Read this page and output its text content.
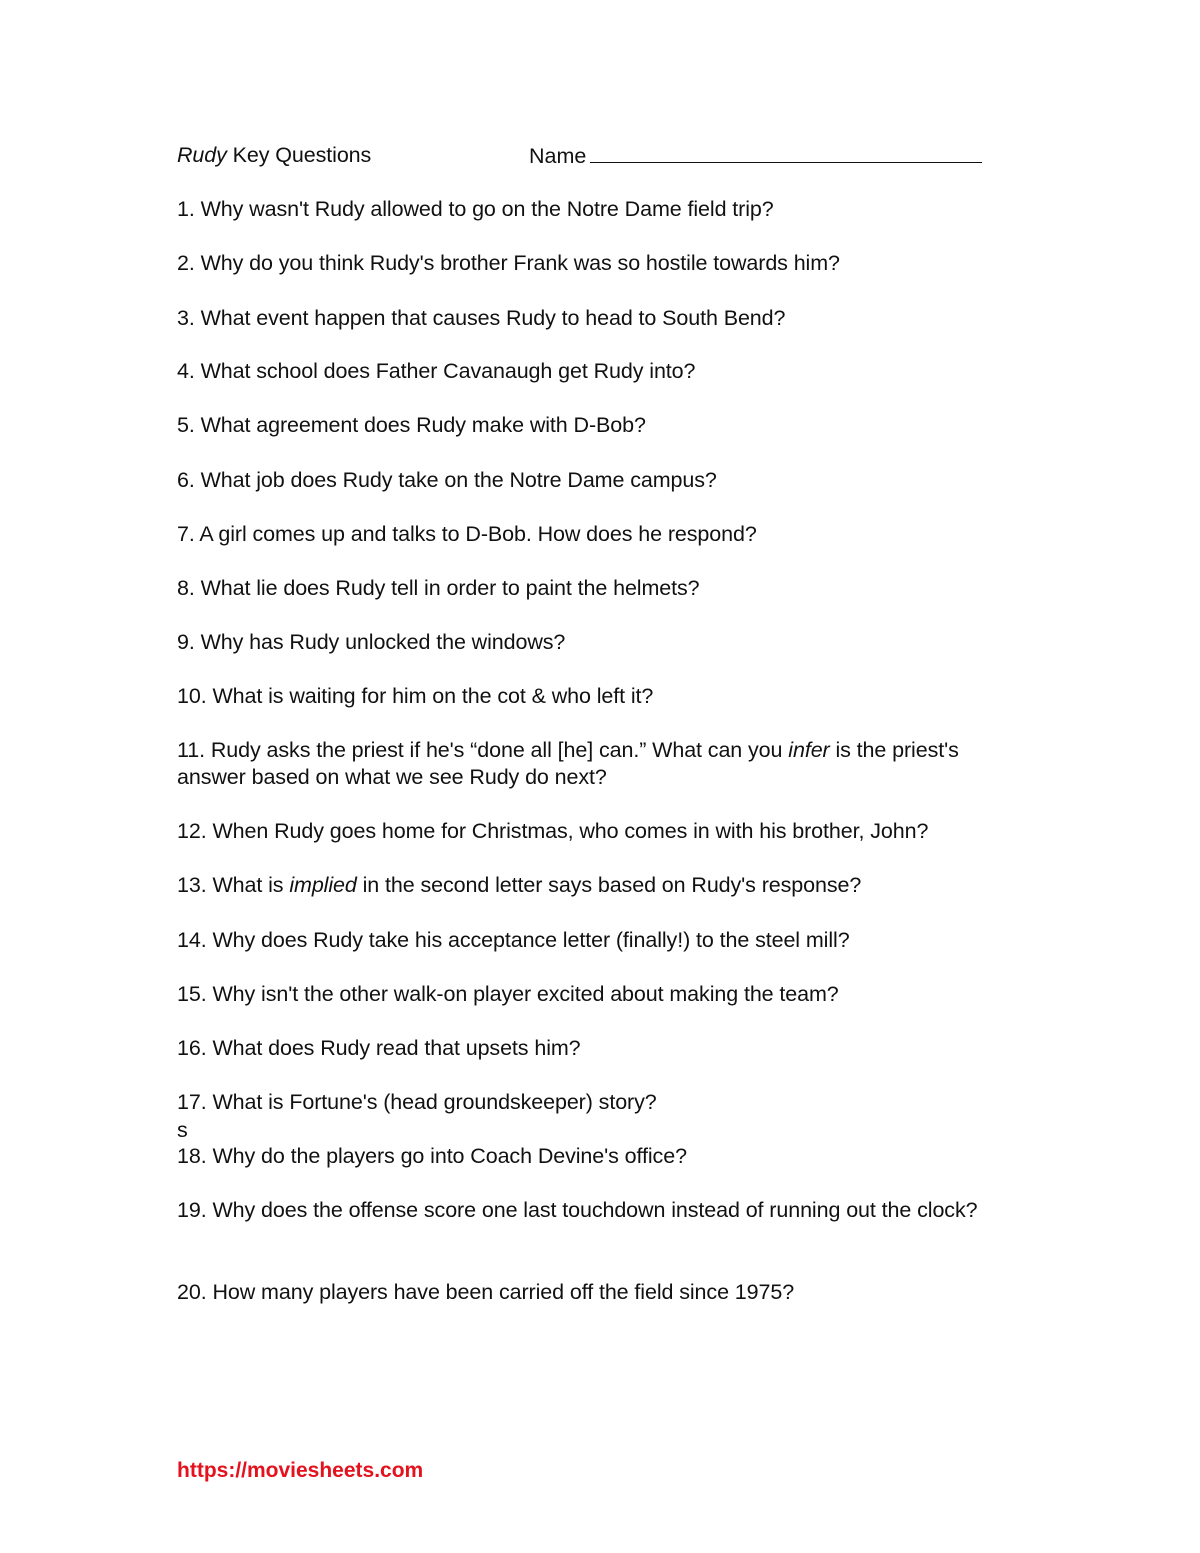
Rudy Key Questions	Name
1. Why wasn't Rudy allowed to go on the Notre Dame field trip?
2. Why do you think Rudy's brother Frank was so hostile towards him?
3. What event happen that causes Rudy to head to South Bend?
4. What school does Father Cavanaugh get Rudy into?
5. What agreement does Rudy make with D-Bob?
6. What job does Rudy take on the Notre Dame campus?
7. A girl comes up and talks to D-Bob. How does he respond?
8. What lie does Rudy tell in order to paint the helmets?
9. Why has Rudy unlocked the windows?
10. What is waiting for him on the cot & who left it?
11. Rudy asks the priest if he's “done all [he] can.” What can you infer is the priest's answer based on what we see Rudy do next?
12. When Rudy goes home for Christmas, who comes in with his brother, John?
13. What is implied in the second letter says based on Rudy's response?
14. Why does Rudy take his acceptance letter (finally!) to the steel mill?
15. Why isn't the other walk-on player excited about making the team?
16. What does Rudy read that upsets him?
17. What is Fortune's (head groundskeeper) story?
s
18. Why do the players go into Coach Devine's office?
19. Why does the offense score one last touchdown instead of running out the clock?
20. How many players have been carried off the field since 1975?
https://moviesheets.com
